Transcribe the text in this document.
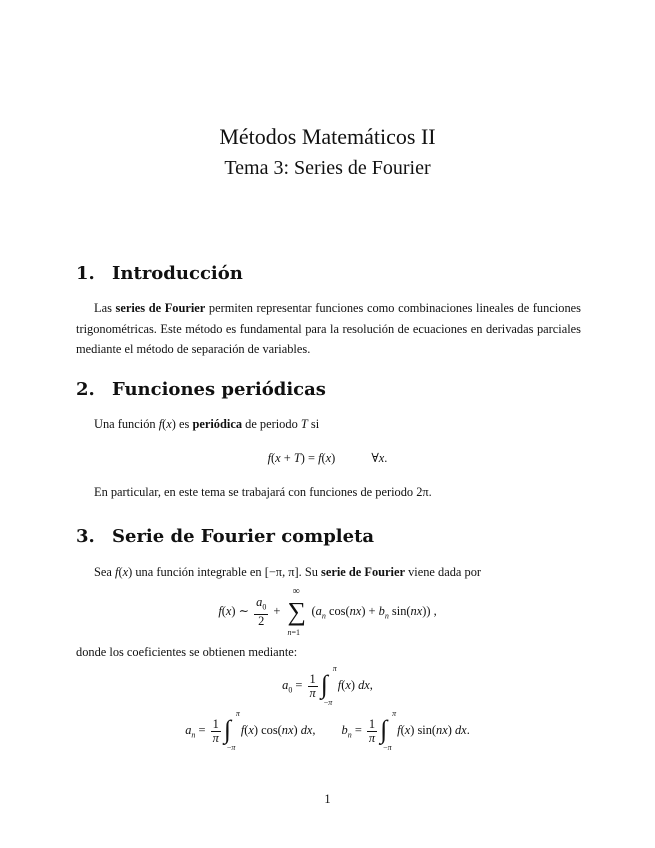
Métodos Matemáticos II
Tema 3: Series de Fourier
1. Introducción
Las series de Fourier permiten representar funciones como combinaciones lineales de funciones trigonométricas. Este método es fundamental para la resolución de ecuaciones en derivadas parciales mediante el método de separación de variables.
2. Funciones periódicas
Una función f(x) es periódica de periodo T si
f(x + T) = f(x)	∀x.
En particular, en este tema se trabajará con funciones de periodo 2π.
3. Serie de Fourier completa
Sea f(x) una función integrable en [−π, π]. Su serie de Fourier viene dada por
f(x) ∼ $\frac{a_0}{2}$ +
∞
∑
n=1
($a_n$ $\cos(nx) + b_n$ sin(nx)) ,
donde los coeficientes se obtienen mediante:
$a_0 = \frac{1}{\pi}$
π
∫
−π
f(x) dx,
$a_n = \frac{1}{\pi}$
π
∫
−π
f(x) cos(nx) dx, $b_n = \frac{1}{\pi}$
π
∫
−π
f(x) sin(nx) dx.
1
